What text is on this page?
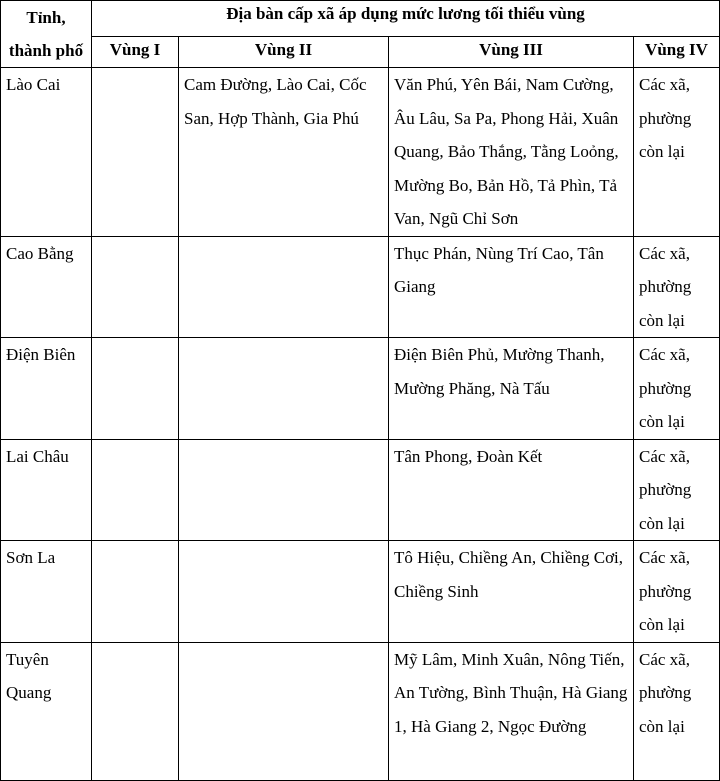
Tỉnh, thành phố	Địa bàn cấp xã áp dụng mức lương tối thiểu vùng			
	Vùng I	Vùng II	Vùng III	Vùng IV
Lào Cai		Cam Đường, Lào Cai, Cốc San, Hợp Thành, Gia Phú	Văn Phú, Yên Bái, Nam Cường, Âu Lâu, Sa Pa, Phong Hải, Xuân Quang, Bảo Thắng, Tằng Loỏng, Mường Bo, Bản Hồ, Tả Phìn, Tả Van, Ngũ Chỉ Sơn	Các xã, phường còn lại
Cao Bằng			Thục Phán, Nùng Trí Cao, Tân Giang	Các xã, phường còn lại
Điện Biên			Điện Biên Phủ, Mường Thanh, Mường Phăng, Nà Tấu	Các xã, phường còn lại
Lai Châu			Tân Phong, Đoàn Kết	Các xã, phường còn lại
Sơn La			Tô Hiệu, Chiềng An, Chiềng Cơi, Chiềng Sinh	Các xã, phường còn lại
Tuyên Quang			Mỹ Lâm, Minh Xuân, Nông Tiến, An Tường, Bình Thuận, Hà Giang 1, Hà Giang 2, Ngọc Đường	Các xã, phường còn lại
